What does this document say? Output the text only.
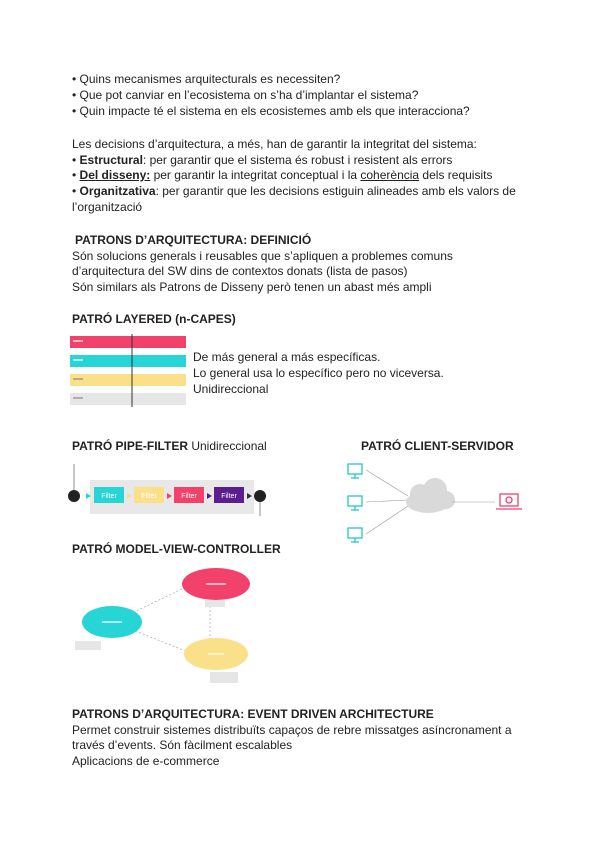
• Quins mecanismes arquitecturals es necessiten?
• Que pot canviar en l’ecosistema on s’ha d’implantar el sistema?
• Quin impacte té el sistema en els ecosistemes amb els que interacciona?
Les decisions d’arquitectura, a més, han de garantir la integritat del sistema:
• Estructural: per garantir que el sistema és robust i resistent als errors
• Del disseny: per garantir la integritat conceptual i la coherència dels requisits
• Organitzativa: per garantir que les decisions estiguin alineades amb els valors de
l’organització
PATRONS D’ARQUITECTURA: DEFINICIÓ
Són solucions generals i reusables que s’apliquen a problemes comuns
d’arquitectura del SW dins de contextos donats (lista de pasos)
Són similars als Patrons de Disseny però tenen un abast més ampli
PATRÓ LAYERED (n-CAPES)
De más general a más específicas.
Lo general usa lo específico pero no viceversa.
Unidireccional
PATRÓ PIPE-FILTER Unidireccional
Filter	Filter	Filter	Filter
PATRÓ CLIENT-SERVIDOR
PATRÓ MODEL-VIEW-CONTROLLER
PATRONS D’ARQUITECTURA: EVENT DRIVEN ARCHITECTURE
Permet construir sistemes distribuïts capaços de rebre missatges asíncronament a
través d’events. Són fàcilment escalables
Aplicacions de e-commerce
